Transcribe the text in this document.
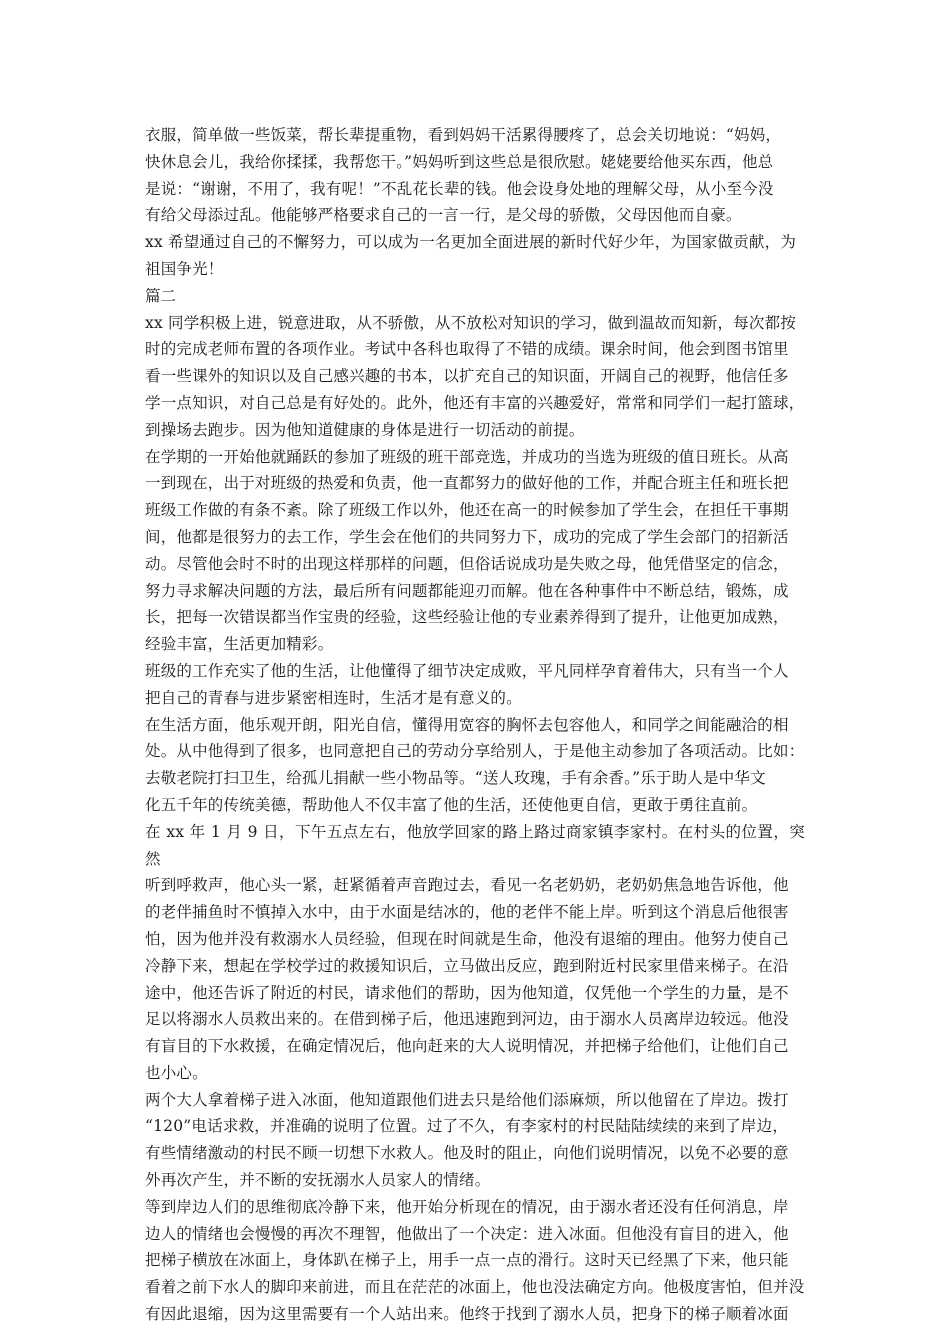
衣服，简单做一些饭菜，帮长辈提重物，看到妈妈干活累得腰疼了，总会关切地说：“妈妈，
快休息会儿，我给你揉揉，我帮您干。”妈妈听到这些总是很欣慰。姥姥要给他买东西，他总
是说：“谢谢，不用了，我有呢！”不乱花长辈的钱。他会设身处地的理解父母，从小至今没
有给父母添过乱。他能够严格要求自己的一言一行，是父母的骄傲，父母因他而自豪。

xx 希望通过自己的不懈努力，可以成为一名更加全面进展的新时代好少年，为国家做贡献，为
祖国争光！

篇二

xx 同学积极上进，锐意进取，从不骄傲，从不放松对知识的学习，做到温故而知新，每次都按
时的完成老师布置的各项作业。考试中各科也取得了不错的成绩。课余时间，他会到图书馆里
看一些课外的知识以及自己感兴趣的书本，以扩充自己的知识面，开阔自己的视野，他信任多
学一点知识，对自己总是有好处的。此外，他还有丰富的兴趣爱好，常常和同学们一起打篮球，
到操场去跑步。因为他知道健康的身体是进行一切活动的前提。

在学期的一开始他就踊跃的参加了班级的班干部竞选，并成功的当选为班级的值日班长。从高
一到现在，出于对班级的热爱和负责，他一直都努力的做好他的工作，并配合班主任和班长把
班级工作做的有条不紊。除了班级工作以外，他还在高一的时候参加了学生会，在担任干事期
间，他都是很努力的去工作，学生会在他们的共同努力下，成功的完成了学生会部门的招新活
动。尽管他会时不时的出现这样那样的问题，但俗话说成功是失败之母，他凭借坚定的信念，
努力寻求解决问题的方法，最后所有问题都能迎刃而解。他在各种事件中不断总结，锻炼，成
长，把每一次错误都当作宝贵的经验，这些经验让他的专业素养得到了提升，让他更加成熟，
经验丰富，生活更加精彩。

班级的工作充实了他的生活，让他懂得了细节决定成败，平凡同样孕育着伟大，只有当一个人
把自己的青春与进步紧密相连时，生活才是有意义的。

在生活方面，他乐观开朗，阳光自信，懂得用宽容的胸怀去包容他人，和同学之间能融洽的相
处。从中他得到了很多，也同意把自己的劳动分享给别人，于是他主动参加了各项活动。比如：
去敬老院打扫卫生，给孤儿捐献一些小物品等。“送人玫瑰，手有余香。”乐于助人是中华文
化五千年的传统美德，帮助他人不仅丰富了他的生活，还使他更自信，更敢于勇往直前。

在 xx 年 1 月 9 日，下午五点左右，他放学回家的路上路过商家镇李家村。在村头的位置，突然
听到呼救声，他心头一紧，赶紧循着声音跑过去，看见一名老奶奶，老奶奶焦急地告诉他，他
的老伴捕鱼时不慎掉入水中，由于水面是结冰的，他的老伴不能上岸。听到这个消息后他很害
怕，因为他并没有救溺水人员经验，但现在时间就是生命，他没有退缩的理由。他努力使自己
冷静下来，想起在学校学过的救援知识后，立马做出反应，跑到附近村民家里借来梯子。在沿
途中，他还告诉了附近的村民，请求他们的帮助，因为他知道，仅凭他一个学生的力量，是不
足以将溺水人员救出来的。在借到梯子后，他迅速跑到河边，由于溺水人员离岸边较远。他没
有盲目的下水救援，在确定情况后，他向赶来的大人说明情况，并把梯子给他们，让他们自己
也小心。

两个大人拿着梯子进入冰面，他知道跟他们进去只是给他们添麻烦，所以他留在了岸边。拨打
“120”电话求救，并准确的说明了位置。过了不久，有李家村的村民陆陆续续的来到了岸边，
有些情绪激动的村民不顾一切想下水救人。他及时的阻止，向他们说明情况，以免不必要的意
外再次产生，并不断的安抚溺水人员家人的情绪。

等到岸边人们的思维彻底冷静下来，他开始分析现在的情况，由于溺水者还没有任何消息，岸
边人的情绪也会慢慢的再次不理智，他做出了一个决定：进入冰面。但他没有盲目的进入，他
把梯子横放在冰面上，身体趴在梯子上，用手一点一点的滑行。这时天已经黑了下来，他只能
看着之前下水人的脚印来前进，而且在茫茫的冰面上，他也没法确定方向。他极度害怕，但并没
有因此退缩，因为这里需要有一个人站出来。他终于找到了溺水人员，把身下的梯子顺着冰面
